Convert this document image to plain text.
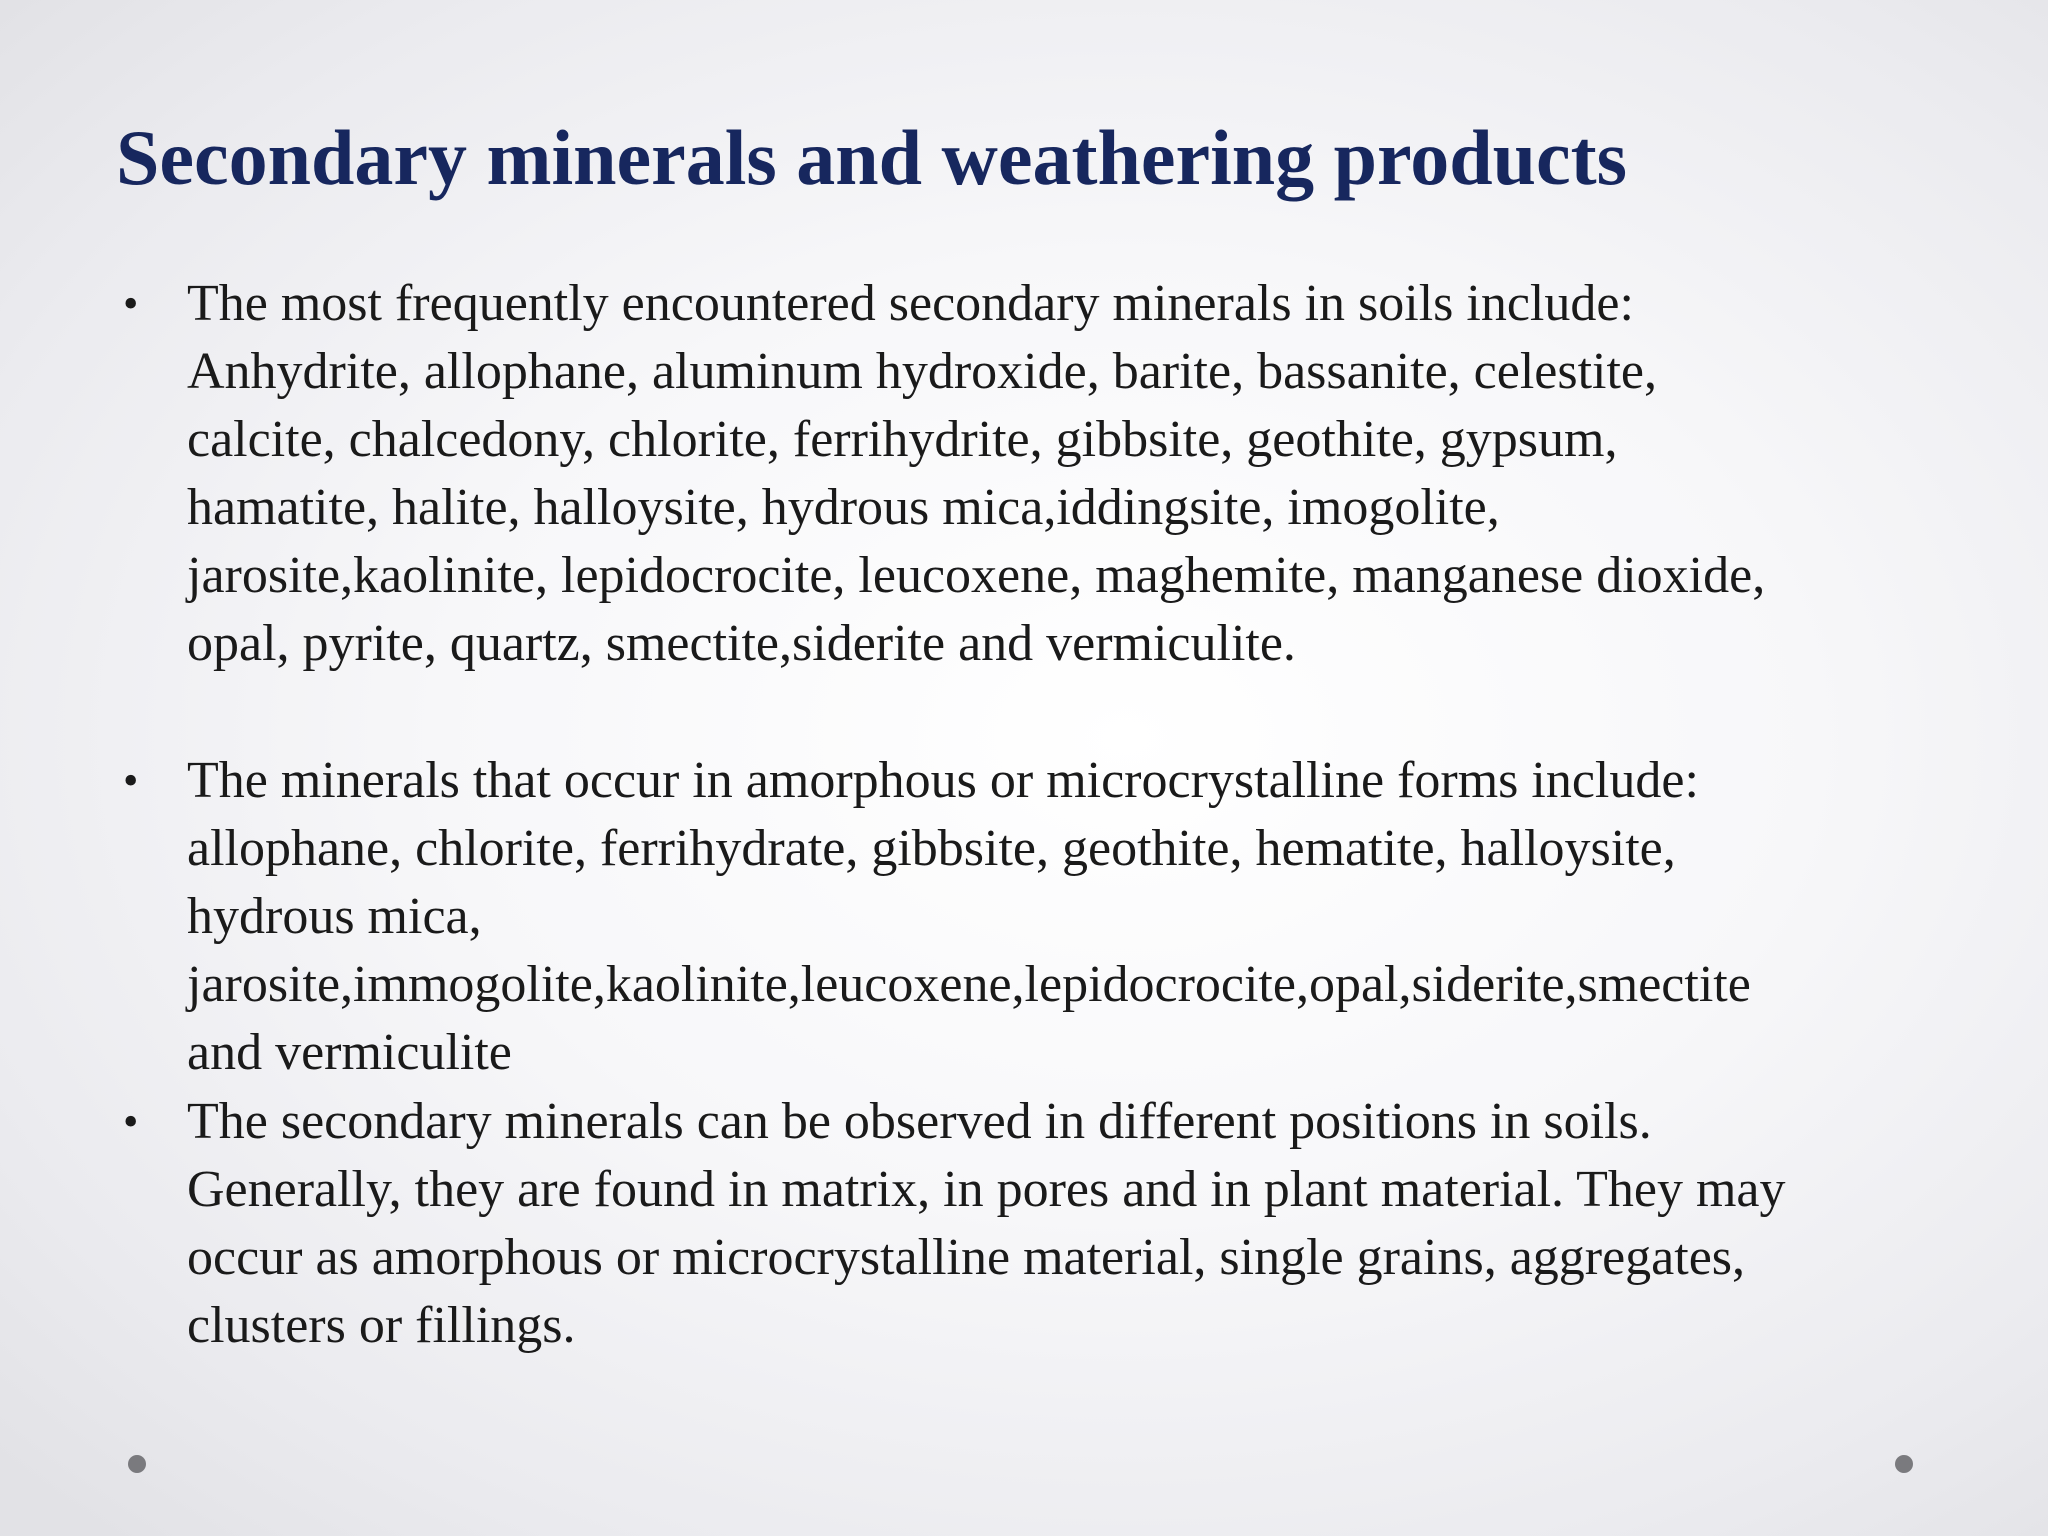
Secondary minerals and weathering products
• The most frequently encountered secondary minerals in soils include:
Anhydrite, allophane, aluminum hydroxide, barite, bassanite, celestite,
calcite, chalcedony, chlorite, ferrihydrite, gibbsite, geothite, gypsum,
hamatite, halite, halloysite, hydrous mica,iddingsite, imogolite,
jarosite,kaolinite, lepidocrocite, leucoxene, maghemite, manganese dioxide,
opal, pyrite, quartz, smectite,siderite and vermiculite.
• The minerals that occur in amorphous or microcrystalline forms include:
allophane, chlorite, ferrihydrate, gibbsite, geothite, hematite, halloysite,
hydrous mica,
jarosite,immogolite,kaolinite,leucoxene,lepidocrocite,opal,siderite,smectite
and vermiculite
• The secondary minerals can be observed in different positions in soils.
Generally, they are found in matrix, in pores and in plant material. They may
occur as amorphous or microcrystalline material, single grains, aggregates,
clusters or fillings.
